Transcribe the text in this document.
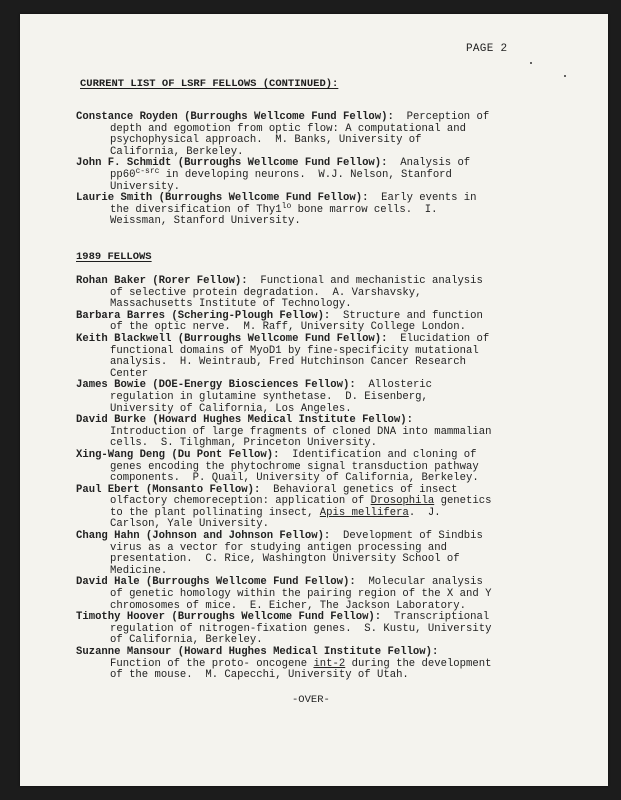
PAGE 2
CURRENT LIST OF LSRF FELLOWS (CONTINUED):
Constance Royden (Burroughs Wellcome Fund Fellow):  Perception of
depth and egomotion from optic flow: A computational and
psychophysical approach.  M. Banks, University of
California, Berkeley.
John F. Schmidt (Burroughs Wellcome Fund Fellow):  Analysis of
$pp60^{c-src}$ in developing neurons.  W.J. Nelson, Stanford
University.
Laurie Smith (Burroughs Wellcome Fund Fellow):  Early events in
the diversification of $Thy1^{lo}$ bone marrow cells.  I.
Weissman, Stanford University.
1989 FELLOWS
Rohan Baker (Rorer Fellow):  Functional and mechanistic analysis
of selective protein degradation.  A. Varshavsky,
Massachusetts Institute of Technology.
Barbara Barres (Schering-Plough Fellow):  Structure and function
of the optic nerve.  M. Raff, University College London.
Keith Blackwell (Burroughs Wellcome Fund Fellow):  Elucidation of
functional domains of MyoD1 by fine-specificity mutational
analysis.  H. Weintraub, Fred Hutchinson Cancer Research
Center
James Bowie (DOE-Energy Biosciences Fellow):  Allosteric
regulation in glutamine synthetase.  D. Eisenberg,
University of California, Los Angeles.
David Burke (Howard Hughes Medical Institute Fellow):
Introduction of large fragments of cloned DNA into mammalian
cells.  S. Tilghman, Princeton University.
Xing-Wang Deng (Du Pont Fellow):  Identification and cloning of
genes encoding the phytochrome signal transduction pathway
components.  P. Quail, University of California, Berkeley.
Paul Ebert (Monsanto Fellow):  Behavioral genetics of insect
olfactory chemoreception: application of Drosophila genetics
to the plant pollinating insect, Apis mellifera.  J.
Carlson, Yale University.
Chang Hahn (Johnson and Johnson Fellow):  Development of Sindbis
virus as a vector for studying antigen processing and
presentation.  C. Rice, Washington University School of
Medicine.
David Hale (Burroughs Wellcome Fund Fellow):  Molecular analysis
of genetic homology within the pairing region of the X and Y
chromosomes of mice.  E. Eicher, The Jackson Laboratory.
Timothy Hoover (Burroughs Wellcome Fund Fellow):  Transcriptional
regulation of nitrogen-fixation genes.  S. Kustu, University
of California, Berkeley.
Suzanne Mansour (Howard Hughes Medical Institute Fellow):
Function of the proto- oncogene int-2 during the development
of the mouse.  M. Capecchi, University of Utah.
-OVER-
